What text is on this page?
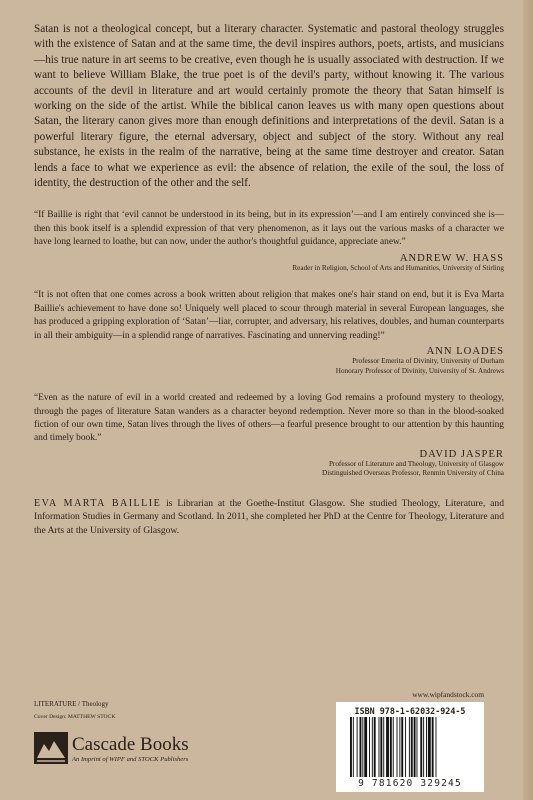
Satan is not a theological concept, but a literary character. Systematic and pastoral theology struggles with the existence of Satan and at the same time, the devil inspires authors, poets, artists, and musicians—his true nature in art seems to be creative, even though he is usually associated with destruction. If we want to believe William Blake, the true poet is of the devil's party, without knowing it. The various accounts of the devil in literature and art would certainly promote the theory that Satan himself is working on the side of the artist. While the biblical canon leaves us with many open questions about Satan, the literary canon gives more than enough definitions and interpretations of the devil. Satan is a powerful literary figure, the eternal adversary, object and subject of the story. Without any real substance, he exists in the realm of the narrative, being at the same time destroyer and creator. Satan lends a face to what we experience as evil: the absence of relation, the exile of the soul, the loss of identity, the destruction of the other and the self.

“If Baillie is right that ‘evil cannot be understood in its being, but in its expression’—and I am entirely convinced she is—then this book itself is a splendid expression of that very phenomenon, as it lays out the various masks of a character we have long learned to loathe, but can now, under the author's thoughtful guidance, appreciate anew.”

ANDREW W. HASS
Reader in Religion, School of Arts and Humanities, University of Stirling

“It is not often that one comes across a book written about religion that makes one's hair stand on end, but it is Eva Marta Baillie's achievement to have done so! Uniquely well placed to scour through material in several European languages, she has produced a gripping exploration of ‘Satan’—liar, corrupter, and adversary, his relatives, doubles, and human counterparts in all their ambiguity—in a splendid range of narratives. Fascinating and unnerving reading!”

ANN LOADES
Professor Emerita of Divinity, University of Durham
Honorary Professor of Divinity, University of St. Andrews

“Even as the nature of evil in a world created and redeemed by a loving God remains a profound mystery to theology, through the pages of literature Satan wanders as a character beyond redemption. Never more so than in the blood-soaked fiction of our own time, Satan lives through the lives of others—a fearful presence brought to our attention by this haunting and timely book.”

DAVID JASPER
Professor of Literature and Theology, University of Glasgow
Distinguished Overseas Professor, Renmin University of China

EVA MARTA BAILLIE is Librarian at the Goethe-Institut Glasgow. She studied Theology, Literature, and Information Studies in Germany and Scotland. In 2011, she completed her PhD at the Centre for Theology, Literature and the Arts at the University of Glasgow.

LITERATURE / Theology
Cover Design: MATTHEW STOCK
Cascade Books
An Imprint of WIPF and STOCK Publishers
www.wipfandstock.com
ISBN 978-1-62032-924-5
9 781620 329245
